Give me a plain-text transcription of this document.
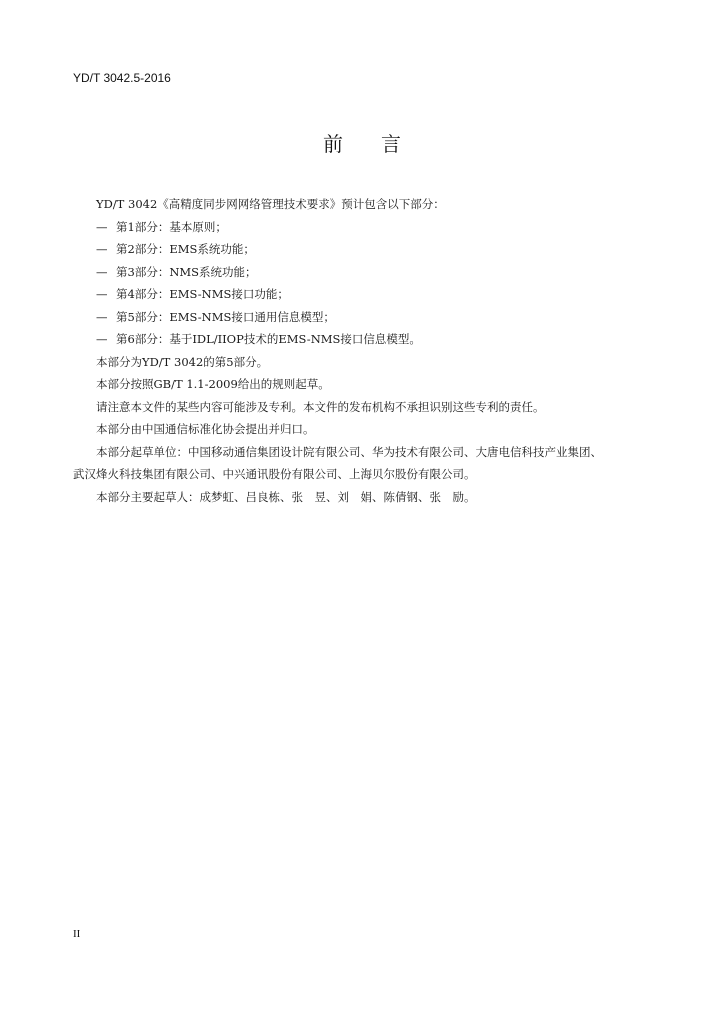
YD/T 3042.5-2016
前 言
YD/T 3042《高精度同步网网络管理技术要求》预计包含以下部分：
— 第1部分：基本原则；
— 第2部分：EMS系统功能；
— 第3部分：NMS系统功能；
— 第4部分：EMS-NMS接口功能；
— 第5部分：EMS-NMS接口通用信息模型；
— 第6部分：基于IDL/IIOP技术的EMS-NMS接口信息模型。
本部分为YD/T 3042的第5部分。
本部分按照GB/T 1.1-2009给出的规则起草。
请注意本文件的某些内容可能涉及专利。本文件的发布机构不承担识别这些专利的责任。
本部分由中国通信标准化协会提出并归口。
本部分起草单位：中国移动通信集团设计院有限公司、华为技术有限公司、大唐电信科技产业集团、
武汉烽火科技集团有限公司、中兴通讯股份有限公司、上海贝尔股份有限公司。
本部分主要起草人：成梦虹、吕良栋、张　昱、刘　娟、陈倩钢、张　励。
II
